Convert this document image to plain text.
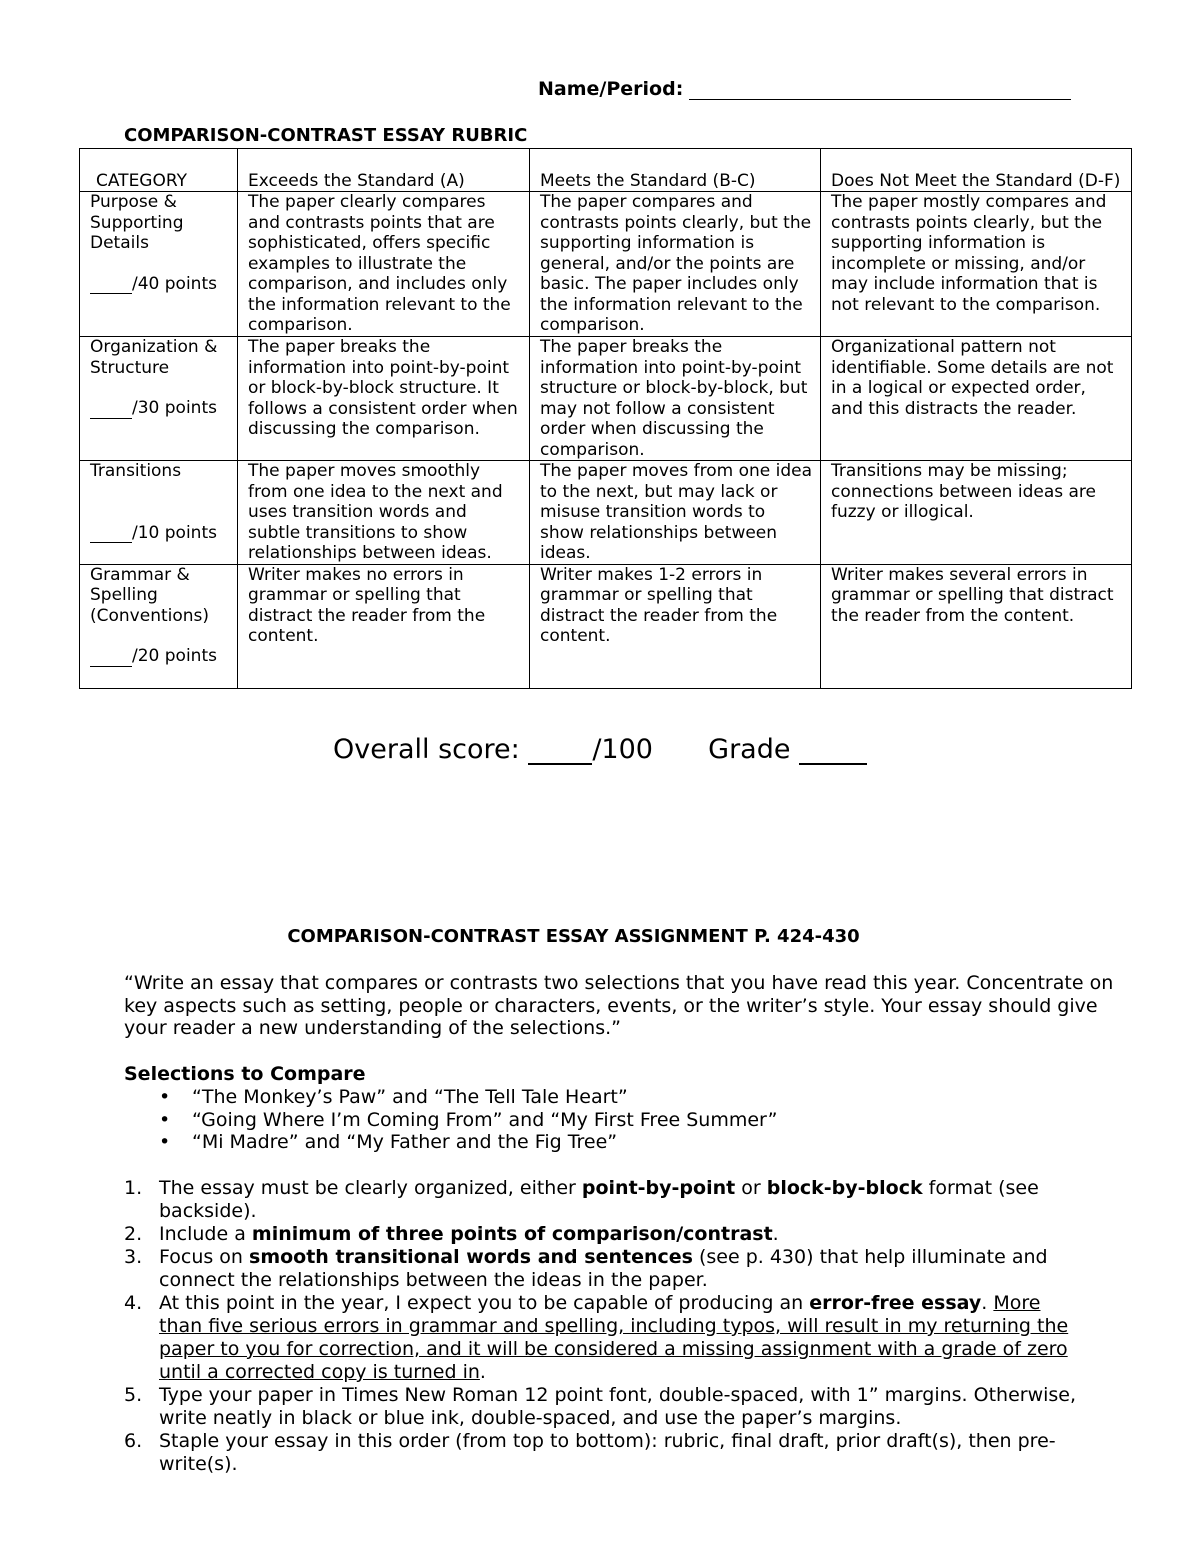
Name/Period:
COMPARISON-CONTRAST ESSAY RUBRIC
CATEGORY	Exceeds the Standard (A)	Meets the Standard (B-C)	Does Not Meet the Standard (D-F)

Purpose & Supporting Details
/40 points	The paper clearly compares and contrasts points that are sophisticated, offers specific examples to illustrate the comparison, and includes only the information relevant to the comparison.	The paper compares and contrasts points clearly, but the supporting information is general, and/or the points are basic. The paper includes only the information relevant to the comparison.	The paper mostly compares and contrasts points clearly, but the supporting information is incomplete or missing, and/or may include information that is not relevant to the comparison.

Organization & Structure
/30 points	The paper breaks the information into point-by-point or block-by-block structure. It follows a consistent order when discussing the comparison.	The paper breaks the information into point-by-point structure or block-by-block, but may not follow a consistent order when discussing the comparison.	Organizational pattern not identifiable. Some details are not in a logical or expected order, and this distracts the reader.

Transitions
/10 points	The paper moves smoothly from one idea to the next and uses transition words and subtle transitions to show relationships between ideas.	The paper moves from one idea to the next, but may lack or misuse transition words to show relationships between ideas.	Transitions may be missing; connections between ideas are fuzzy or illogical.

Grammar & Spelling (Conventions)
/20 points	Writer makes no errors in grammar or spelling that distract the reader from the content.	Writer makes 1-2 errors in grammar or spelling that distract the reader from the content.	Writer makes several errors in grammar or spelling that distract the reader from the content.
Overall score:	/100 Grade
COMPARISON-CONTRAST ESSAY ASSIGNMENT P. 424-430
“Write an essay that compares or contrasts two selections that you have read this year. Concentrate on key aspects such as setting, people or characters, events, or the writer’s style. Your essay should give your reader a new understanding of the selections.”
Selections to Compare
• “The Monkey’s Paw” and “The Tell Tale Heart”
• “Going Where I’m Coming From” and “My First Free Summer”
• “Mi Madre” and “My Father and the Fig Tree”
1. The essay must be clearly organized, either point-by-point or block-by-block format (see backside).
2. Include a minimum of three points of comparison/contrast.
3. Focus on smooth transitional words and sentences (see p. 430) that help illuminate and connect the relationships between the ideas in the paper.
4. At this point in the year, I expect you to be capable of producing an error-free essay. More than five serious errors in grammar and spelling, including typos, will result in my returning the paper to you for correction, and it will be considered a missing assignment with a grade of zero until a corrected copy is turned in.
5. Type your paper in Times New Roman 12 point font, double-spaced, with 1” margins. Otherwise, write neatly in black or blue ink, double-spaced, and use the paper’s margins.
6. Staple your essay in this order (from top to bottom): rubric, final draft, prior draft(s), then pre-write(s).
